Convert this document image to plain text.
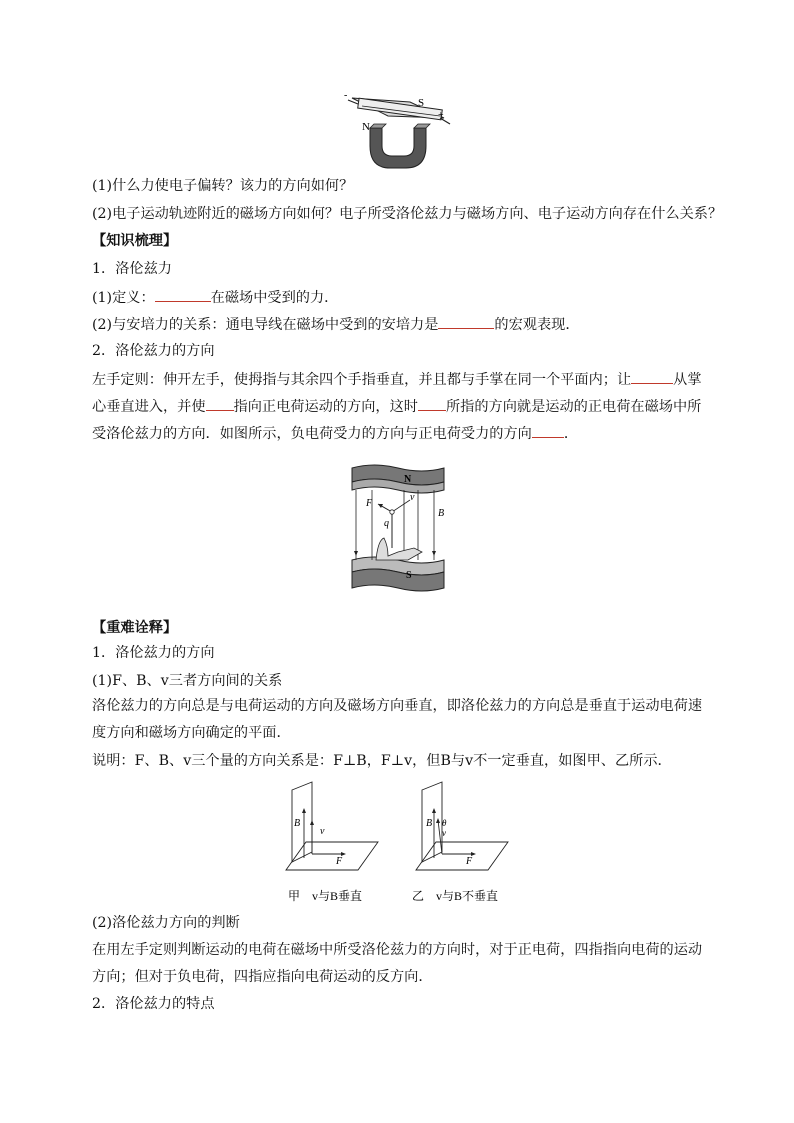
-
+
S
N
(1)什么力使电子偏转？该力的方向如何？
(2)电子运动轨迹附近的磁场方向如何？电子所受洛伦兹力与磁场方向、电子运动方向存在什么关系？
【知识梳理】
1．洛伦兹力
(1)定义：	在磁场中受到的力．
(2)与安培力的关系：通电导线在磁场中受到的安培力是	的宏观表现．
2．洛伦兹力的方向
左手定则：伸开左手，使拇指与其余四个手指垂直，并且都与手掌在同一个平面内；让	从掌
心垂直进入，并使 指向正电荷运动的方向，这时 所指的方向就是运动的正电荷在磁场中所
受洛伦兹力的方向．如图所示，负电荷受力的方向与正电荷受力的方向 ．
N
S
F
v
q
B
【重难诠释】
1．洛伦兹力的方向
(1)F、B、v三者方向间的关系
洛伦兹力的方向总是与电荷运动的方向及磁场方向垂直，即洛伦兹力的方向总是垂直于运动电荷速
度方向和磁场方向确定的平面．
说明：F、B、v三个量的方向关系是：F⊥B，F⊥v，但B与v不一定垂直，如图甲、乙所示．
B
v
F
甲　v与B垂直
B θ
v
F
乙　v与B不垂直
(2)洛伦兹力方向的判断
在用左手定则判断运动的电荷在磁场中所受洛伦兹力的方向时，对于正电荷，四指指向电荷的运动
方向；但对于负电荷，四指应指向电荷运动的反方向．
2．洛伦兹力的特点
